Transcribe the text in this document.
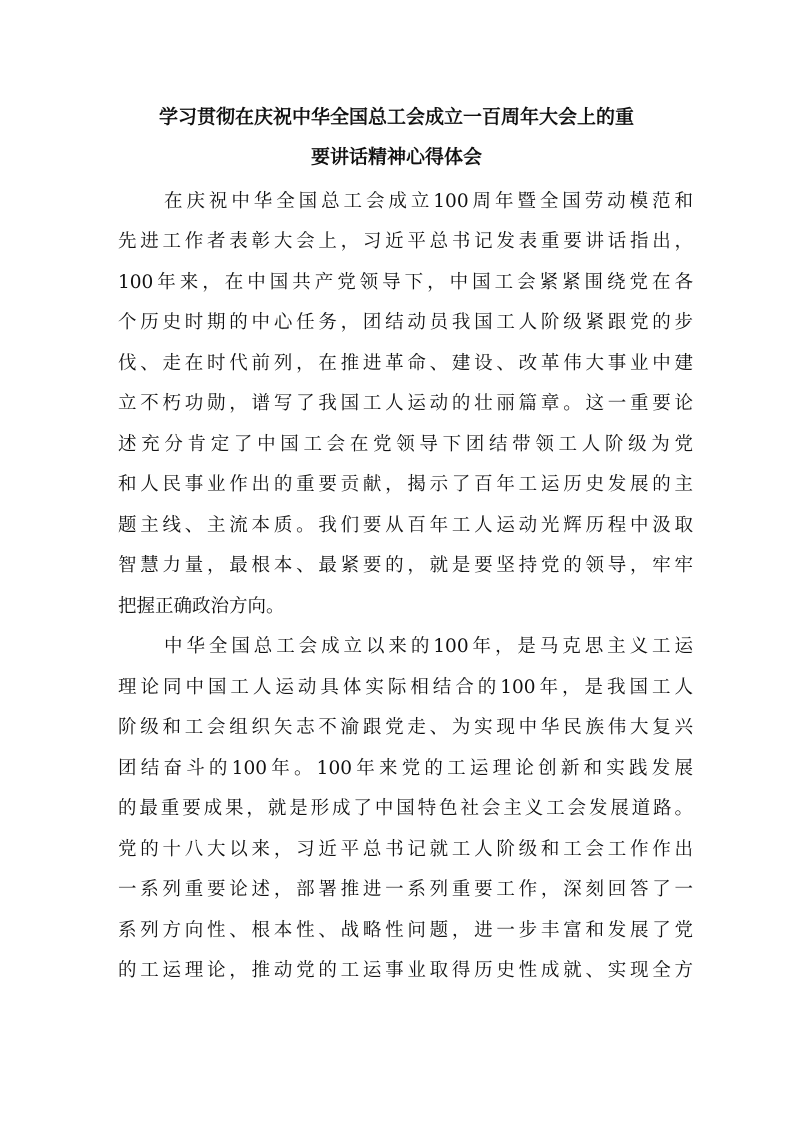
学习贯彻在庆祝中华全国总工会成立一百周年大会上的重
要讲话精神心得体会
在庆祝中华全国总工会成立100周年暨全国劳动模范和
先进工作者表彰大会上，习近平总书记发表重要讲话指出，
100年来，在中国共产党领导下，中国工会紧紧围绕党在各
个历史时期的中心任务，团结动员我国工人阶级紧跟党的步
伐、走在时代前列，在推进革命、建设、改革伟大事业中建
立不朽功勋，谱写了我国工人运动的壮丽篇章。这一重要论
述充分肯定了中国工会在党领导下团结带领工人阶级为党
和人民事业作出的重要贡献，揭示了百年工运历史发展的主
题主线、主流本质。我们要从百年工人运动光辉历程中汲取
智慧力量，最根本、最紧要的，就是要坚持党的领导，牢牢
把握正确政治方向。
中华全国总工会成立以来的100年，是马克思主义工运
理论同中国工人运动具体实际相结合的100年，是我国工人
阶级和工会组织矢志不渝跟党走、为实现中华民族伟大复兴
团结奋斗的100年。100年来党的工运理论创新和实践发展
的最重要成果，就是形成了中国特色社会主义工会发展道路。
党的十八大以来，习近平总书记就工人阶级和工会工作作出
一系列重要论述，部署推进一系列重要工作，深刻回答了一
系列方向性、根本性、战略性问题，进一步丰富和发展了党
的工运理论，推动党的工运事业取得历史性成就、实现全方
